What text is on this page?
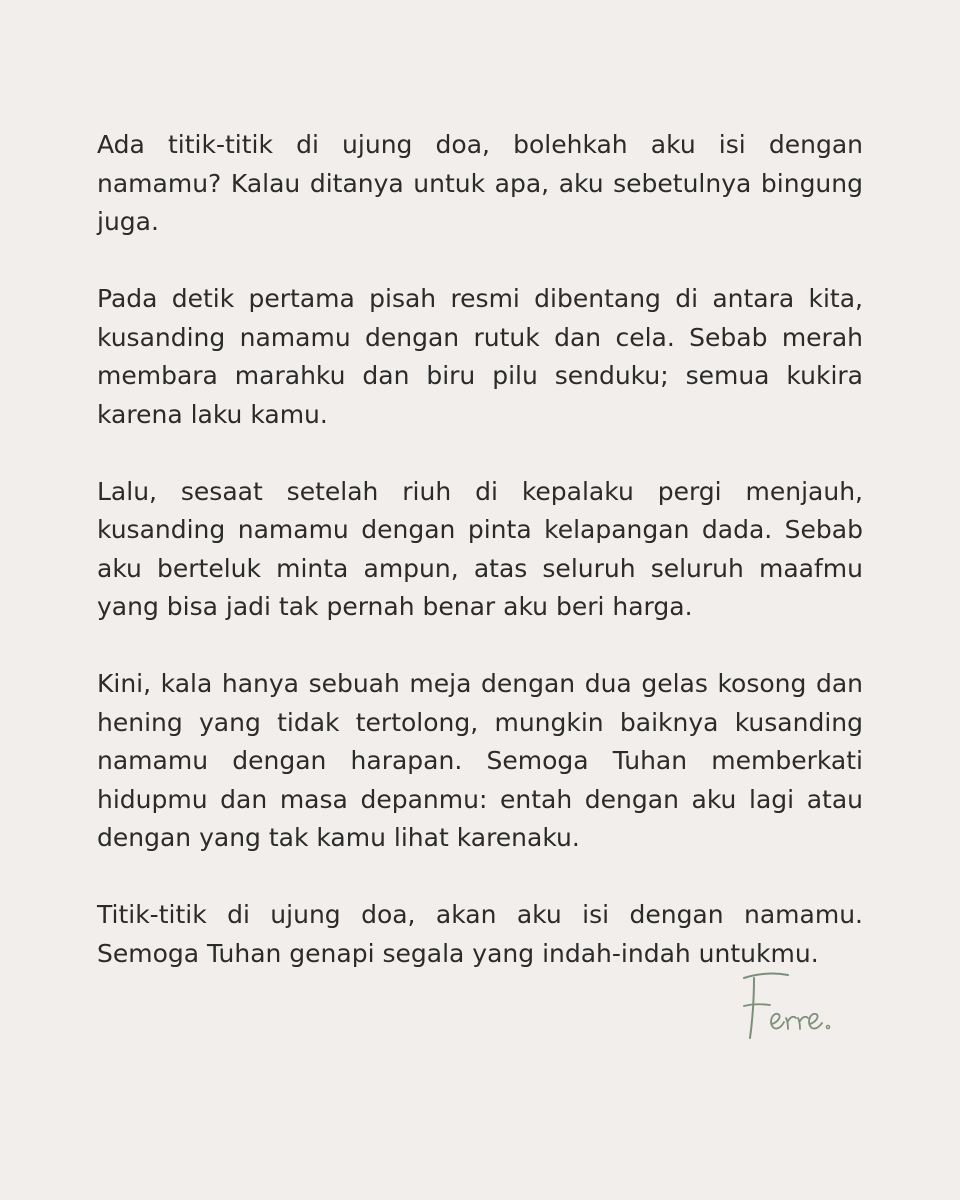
Ada titik-titik di ujung doa, bolehkah aku isi dengan namamu? Kalau ditanya untuk apa, aku sebetulnya bingung juga.

Pada detik pertama pisah resmi dibentang di antara kita, kusanding namamu dengan rutuk dan cela. Sebab merah membara marahku dan biru pilu senduku; semua kukira karena laku kamu.

Lalu, sesaat setelah riuh di kepalaku pergi menjauh, kusanding namamu dengan pinta kelapangan dada. Sebab aku berteluk minta ampun, atas seluruh seluruh maafmu yang bisa jadi tak pernah benar aku beri harga.

Kini, kala hanya sebuah meja dengan dua gelas kosong dan hening yang tidak tertolong, mungkin baiknya kusanding namamu dengan harapan. Semoga Tuhan memberkati hidupmu dan masa depanmu: entah dengan aku lagi atau dengan yang tak kamu lihat karenaku.

Titik-titik di ujung doa, akan aku isi dengan namamu. Semoga Tuhan genapi segala yang indah-indah untukmu.
